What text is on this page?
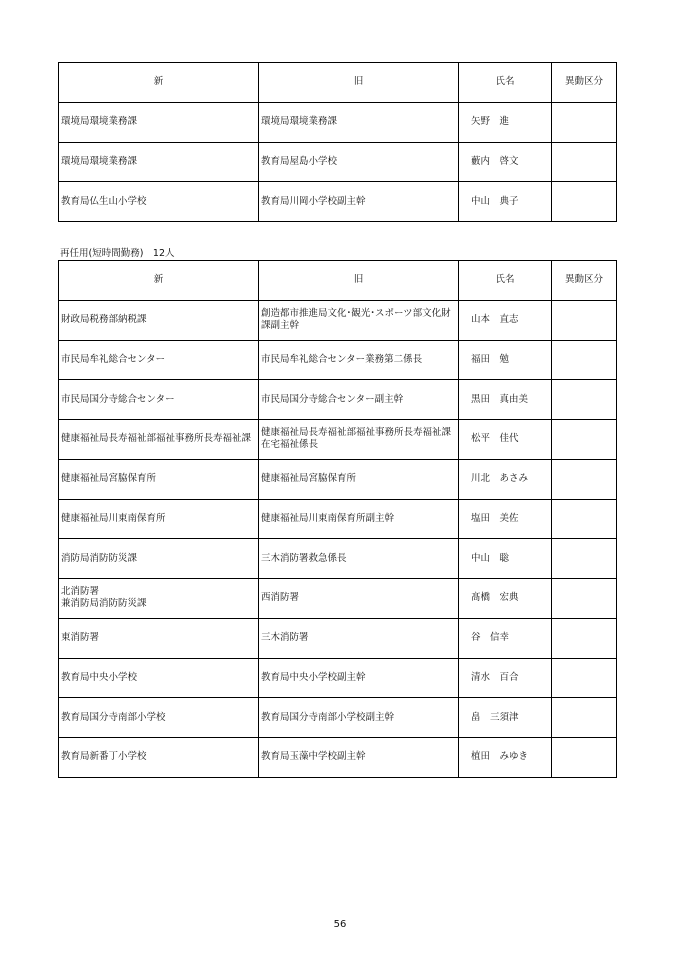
新	旧	氏名	異動区分
環境局環境業務課	環境局環境業務課	矢野　進	
環境局環境業務課	教育局屋島小学校	藪内　啓文	
教育局仏生山小学校	教育局川岡小学校副主幹	中山　典子	
再任用(短時間勤務)　12人
新	旧	氏名	異動区分
財政局税務部納税課	創造都市推進局文化･観光･スポーツ部文化財課副主幹	山本　直志	
市民局牟礼総合センター	市民局牟礼総合センター業務第二係長	福田　勉	
市民局国分寺総合センター	市民局国分寺総合センター副主幹	黒田　真由美	
健康福祉局長寿福祉部福祉事務所長寿福祉課	健康福祉局長寿福祉部福祉事務所長寿福祉課在宅福祉係長	松平　佳代	
健康福祉局宮脇保育所	健康福祉局宮脇保育所	川北　あさみ	
健康福祉局川東南保育所	健康福祉局川東南保育所副主幹	塩田　美佐	
消防局消防防災課	三木消防署救急係長	中山　聡	
北消防署
兼消防局消防防災課	西消防署	髙橋　宏典	
東消防署	三木消防署	谷　信幸	
教育局中央小学校	教育局中央小学校副主幹	清水　百合	
教育局国分寺南部小学校	教育局国分寺南部小学校副主幹	畠　三須津	
教育局新番丁小学校	教育局玉藻中学校副主幹	植田　みゆき	
56
